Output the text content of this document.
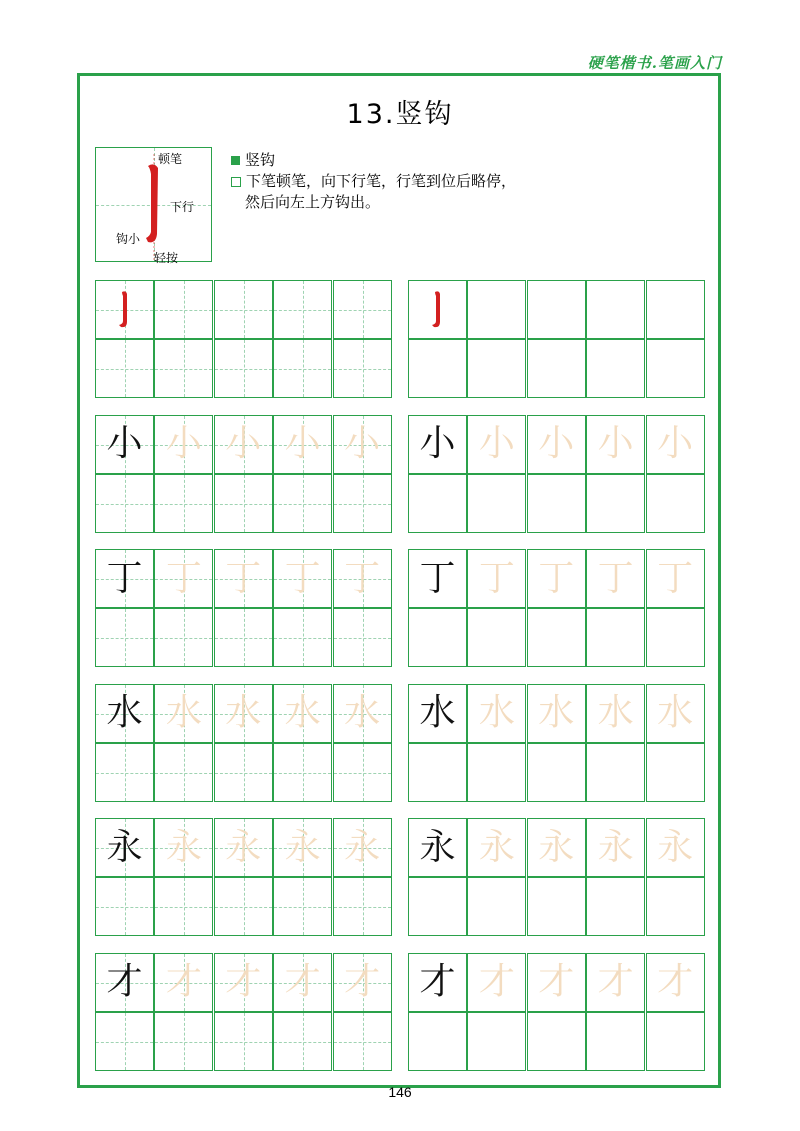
硬笔楷书.笔画入门
13.竖钩
顿笔
下行
钩小
轻按
竖钩
下笔顿笔，向下行笔，行笔到位后略停，
然后向左上方钩出。
小 小 小 小 小 小 小 小 小 小
丁 丁 丁 丁 丁 丁 丁 丁 丁 丁
水 水 水 水 水 水 水 水 水 水
永 永 永 永 永 永 永 永 永 永
才 才 才 才 才 才 才 才 才 才
146
